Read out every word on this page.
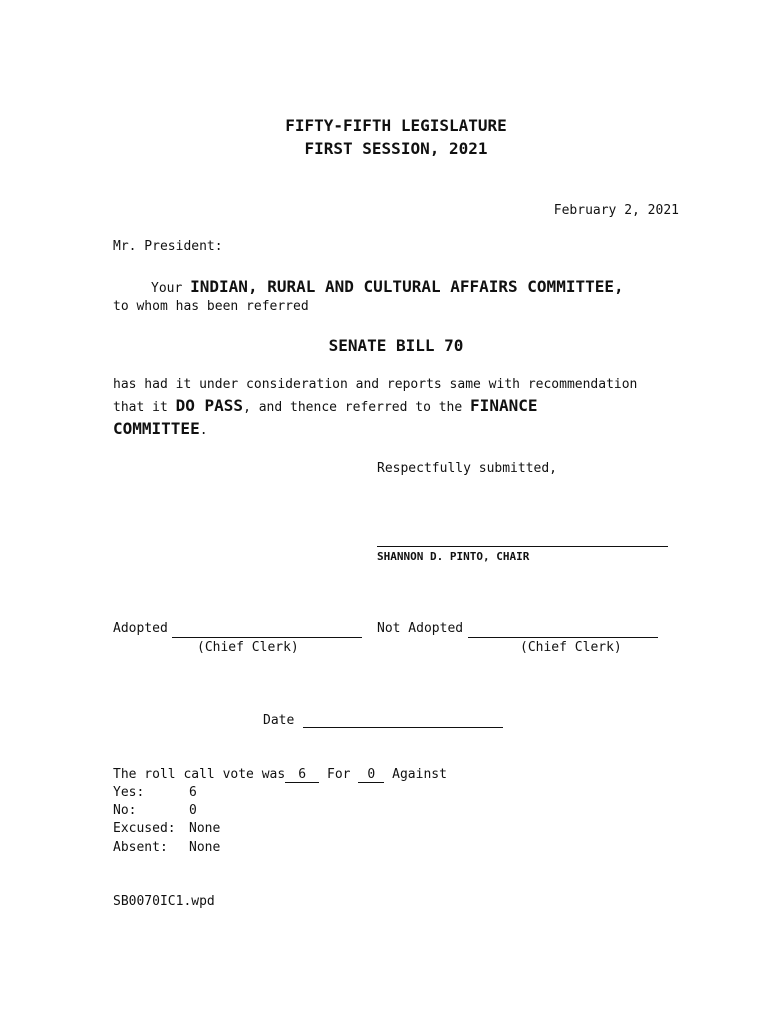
FIFTY-FIFTH LEGISLATURE
FIRST SESSION, 2021
February 2, 2021
Mr. President:
Your INDIAN, RURAL AND CULTURAL AFFAIRS COMMITTEE,
to whom has been referred
SENATE BILL 70
has had it under consideration and reports same with recommendation
that it DO PASS, and thence referred to the FINANCE
COMMITTEE.
Respectfully submitted,
SHANNON D. PINTO, CHAIR
Adopted
(Chief Clerk)
Not Adopted
(Chief Clerk)
Date
The roll call vote was 6 For 0 Against
Yes:	6
No:	0
Excused: None
Absent: None
SB0070IC1.wpd
